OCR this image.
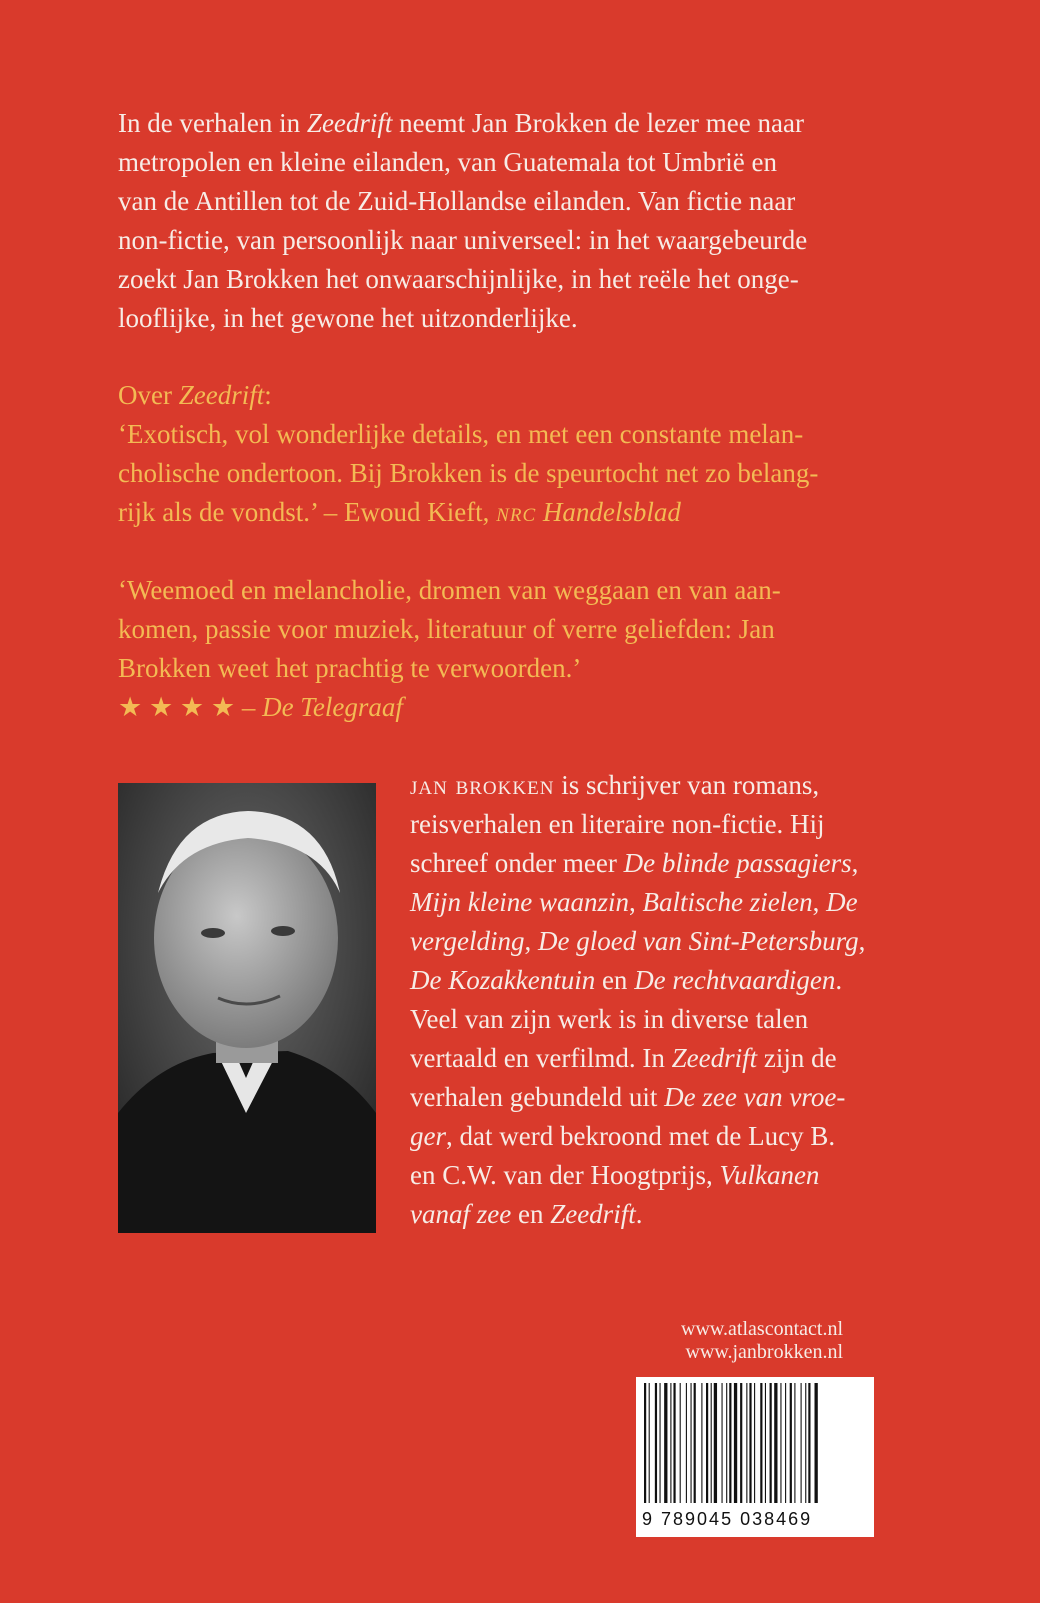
In de verhalen in Zeedrift neemt Jan Brokken de lezer mee naar
metropolen en kleine eilanden, van Guatemala tot Umbrië en
van de Antillen tot de Zuid-Hollandse eilanden. Van fictie naar
non-fictie, van persoonlijk naar universeel: in het waargebeurde
zoekt Jan Brokken het onwaarschijnlijke, in het reële het onge-
looflijke, in het gewone het uitzonderlijke.
Over Zeedrift:
‘Exotisch, vol wonderlijke details, en met een constante melan-
cholische ondertoon. Bij Brokken is de speurtocht net zo belang-
rijk als de vondst.’ – Ewoud Kieft, nrc Handelsblad
‘Weemoed en melancholie, dromen van weggaan en van aan-
komen, passie voor muziek, literatuur of verre geliefden: Jan
Brokken weet het prachtig te verwoorden.’
★ ★ ★ ★ – De Telegraaf
jan brokken is schrijver van romans,
reisverhalen en literaire non-fictie. Hij
schreef onder meer De blinde passagiers,
Mijn kleine waanzin, Baltische zielen, De
vergelding, De gloed van Sint-Petersburg,
De Kozakkentuin en De rechtvaardigen.
Veel van zijn werk is in diverse talen
vertaald en verfilmd. In Zeedrift zijn de
verhalen gebundeld uit De zee van vroe-
ger, dat werd bekroond met de Lucy B.
en C.W. van der Hoogtprijs, Vulkanen
vanaf zee en Zeedrift.
www.atlascontact.nl
www.janbrokken.nl
9 789045 038469
